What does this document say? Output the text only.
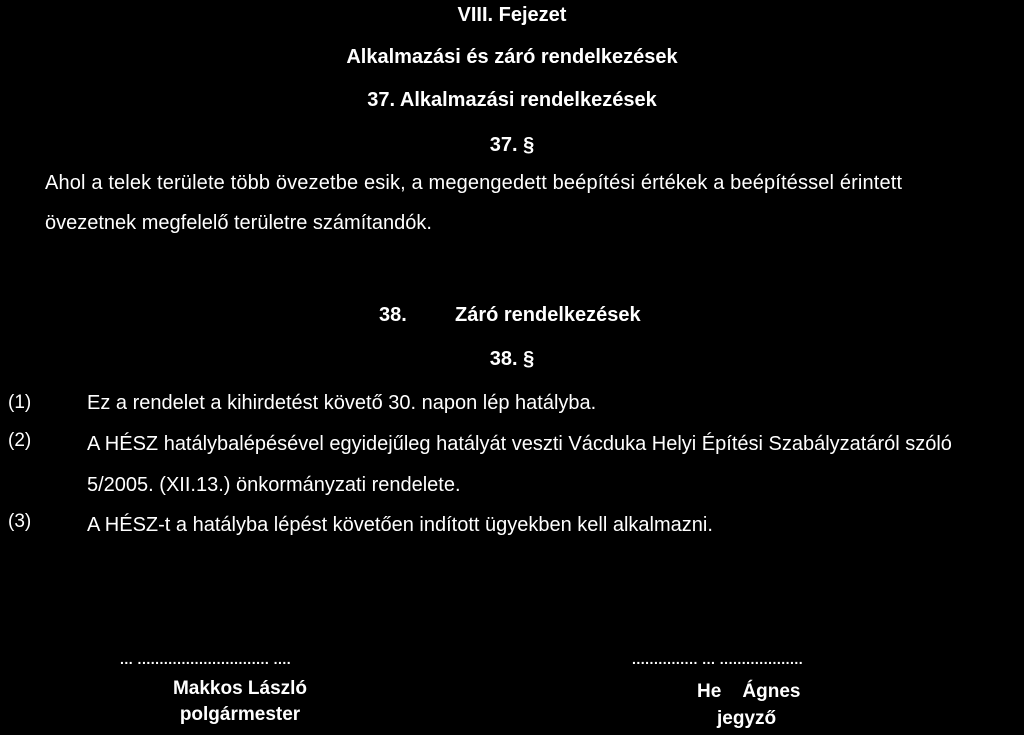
VIII. Fejezet
Alkalmazási és záró rendelkezések
37. Alkalmazási rendelkezések
37. §
Ahol a telek területe több övezetbe esik, a megengedett beépítési értékek a beépítéssel érintett
övezetnek megfelelő területre számítandók.
38. Záró rendelkezések
38. §
(1)	Ez a rendelet a kihirdetést követő 30. napon lép hatályba.
(2)	A HÉSZ hatálybalépésével egyidejűleg hatályát veszti Vácduka Helyi Építési Szabályzatáról szóló
5/2005. (XII.13.) önkormányzati rendelete.
(3)	A HÉSZ-t a hatályba lépést követően indított ügyekben kell alkalmazni.
... .............................. ....
Makkos László
polgármester
............... ... ...................
He    Ágnes
jegyző
